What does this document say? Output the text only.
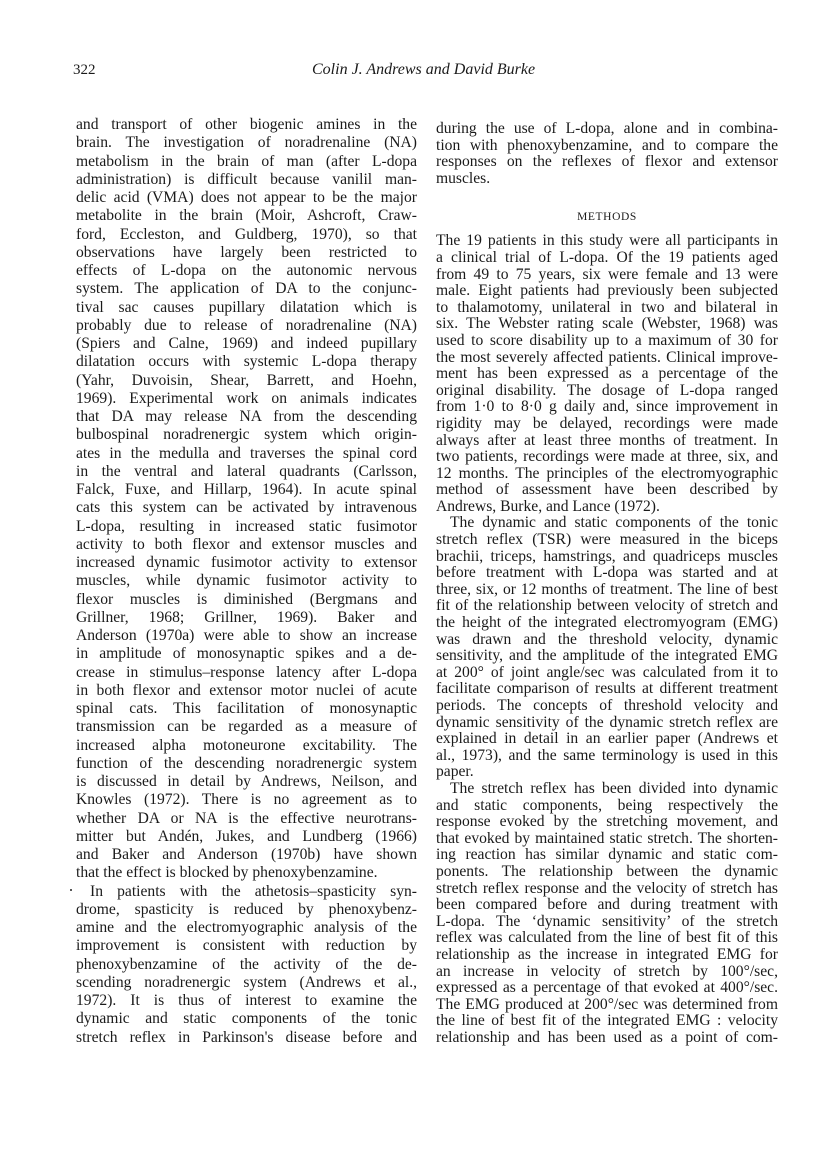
322	Colin J. Andrews and David Burke
and transport of other biogenic amines in the
brain. The investigation of noradrenaline (NA)
metabolism in the brain of man (after L-dopa
administration) is difficult because vanilil man-
delic acid (VMA) does not appear to be the major
metabolite in the brain (Moir, Ashcroft, Craw-
ford, Eccleston, and Guldberg, 1970), so that
observations have largely been restricted to
effects of L-dopa on the autonomic nervous
system. The application of DA to the conjunc-
tival sac causes pupillary dilatation which is
probably due to release of noradrenaline (NA)
(Spiers and Calne, 1969) and indeed pupillary
dilatation occurs with systemic L-dopa therapy
(Yahr, Duvoisin, Shear, Barrett, and Hoehn,
1969). Experimental work on animals indicates
that DA may release NA from the descending
bulbospinal noradrenergic system which origin-
ates in the medulla and traverses the spinal cord
in the ventral and lateral quadrants (Carlsson,
Falck, Fuxe, and Hillarp, 1964). In acute spinal
cats this system can be activated by intravenous
L-dopa, resulting in increased static fusimotor
activity to both flexor and extensor muscles and
increased dynamic fusimotor activity to extensor
muscles, while dynamic fusimotor activity to
flexor muscles is diminished (Bergmans and
Grillner, 1968; Grillner, 1969). Baker and
Anderson (1970a) were able to show an increase
in amplitude of monosynaptic spikes and a de-
crease in stimulus–response latency after L-dopa
in both flexor and extensor motor nuclei of acute
spinal cats. This facilitation of monosynaptic
transmission can be regarded as a measure of
increased alpha motoneurone excitability. The
function of the descending noradrenergic system
is discussed in detail by Andrews, Neilson, and
Knowles (1972). There is no agreement as to
whether DA or NA is the effective neurotrans-
mitter but Andén, Jukes, and Lundberg (1966)
and Baker and Anderson (1970b) have shown
that the effect is blocked by phenoxybenzamine.
In patients with the athetosis–spasticity syn-
drome, spasticity is reduced by phenoxybenz-
amine and the electromyographic analysis of the
improvement is consistent with reduction by
phenoxybenzamine of the activity of the de-
scending noradrenergic system (Andrews et al.,
1972). It is thus of interest to examine the
dynamic and static components of the tonic
stretch reflex in Parkinson's disease before and
during the use of L-dopa, alone and in combina-
tion with phenoxybenzamine, and to compare the
responses on the reflexes of flexor and extensor
muscles.
METHODS
The 19 patients in this study were all participants in
a clinical trial of L-dopa. Of the 19 patients aged
from 49 to 75 years, six were female and 13 were
male. Eight patients had previously been subjected
to thalamotomy, unilateral in two and bilateral in
six. The Webster rating scale (Webster, 1968) was
used to score disability up to a maximum of 30 for
the most severely affected patients. Clinical improve-
ment has been expressed as a percentage of the
original disability. The dosage of L-dopa ranged
from 1·0 to 8·0 g daily and, since improvement in
rigidity may be delayed, recordings were made
always after at least three months of treatment. In
two patients, recordings were made at three, six, and
12 months. The principles of the electromyographic
method of assessment have been described by
Andrews, Burke, and Lance (1972).
The dynamic and static components of the tonic
stretch reflex (TSR) were measured in the biceps
brachii, triceps, hamstrings, and quadriceps muscles
before treatment with L-dopa was started and at
three, six, or 12 months of treatment. The line of best
fit of the relationship between velocity of stretch and
the height of the integrated electromyogram (EMG)
was drawn and the threshold velocity, dynamic
sensitivity, and the amplitude of the integrated EMG
at 200° of joint angle/sec was calculated from it to
facilitate comparison of results at different treatment
periods. The concepts of threshold velocity and
dynamic sensitivity of the dynamic stretch reflex are
explained in detail in an earlier paper (Andrews et
al., 1973), and the same terminology is used in this
paper.
The stretch reflex has been divided into dynamic
and static components, being respectively the
response evoked by the stretching movement, and
that evoked by maintained static stretch. The shorten-
ing reaction has similar dynamic and static com-
ponents. The relationship between the dynamic
stretch reflex response and the velocity of stretch has
been compared before and during treatment with
L-dopa. The ‘dynamic sensitivity’ of the stretch
reflex was calculated from the line of best fit of this
relationship as the increase in integrated EMG for
an increase in velocity of stretch by 100°/sec,
expressed as a percentage of that evoked at 400°/sec.
The EMG produced at 200°/sec was determined from
the line of best fit of the integrated EMG : velocity
relationship and has been used as a point of com-
